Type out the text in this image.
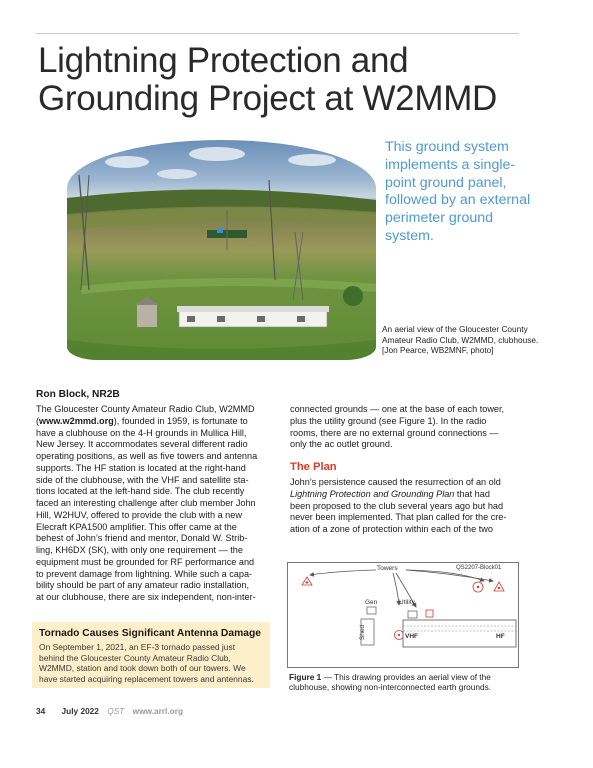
Lightning Protection and
Grounding Project at W2MMD
This ground system implements a single-point ground panel, followed by an external perimeter ground system.
An aerial view of the Gloucester County Amateur Radio Club, W2MMD, clubhouse. [Jon Pearce, WB2MNF, photo]
Ron Block, NR2B
The Gloucester County Amateur Radio Club, W2MMD
(www.w2mmd.org), founded in 1959, is fortunate to
have a clubhouse on the 4-H grounds in Mullica Hill,
New Jersey. It accommodates several different radio
operating positions, as well as five towers and antenna
supports. The HF station is located at the right-hand
side of the clubhouse, with the VHF and satellite sta-
tions located at the left-hand side. The club recently
faced an interesting challenge after club member John
Hill, W2HUV, offered to provide the club with a new
Elecraft KPA1500 amplifier. This offer came at the
behest of John’s friend and mentor, Donald W. Strib-
ling, KH6DX (SK), with only one requirement — the
equipment must be grounded for RF performance and
to prevent damage from lightning. While such a capa-
bility should be part of any amateur radio installation,
at our clubhouse, there are six independent, non-inter-
connected grounds — one at the base of each tower,
plus the utility ground (see Figure 1). In the radio
rooms, there are no external ground connections —
only the ac outlet ground.
The Plan
John’s persistence caused the resurrection of an old
Lightning Protection and Grounding Plan that had
been proposed to the club several years ago but had
never been implemented. That plan called for the cre-
ation of a zone of protection within each of the two
Tornado Causes Significant Antenna Damage
On September 1, 2021, an EF-3 tornado passed just
behind the Gloucester County Amateur Radio Club,
W2MMD, station and took down both of our towers. We
have started acquiring replacement towers and antennas.
Towers	QS2207-Block01
Gen	Utility
Shed	VHF	HF
Figure 1 — This drawing provides an aerial view of the clubhouse, showing non-interconnected earth grounds.
34 July 2022 QST www.arrl.org
